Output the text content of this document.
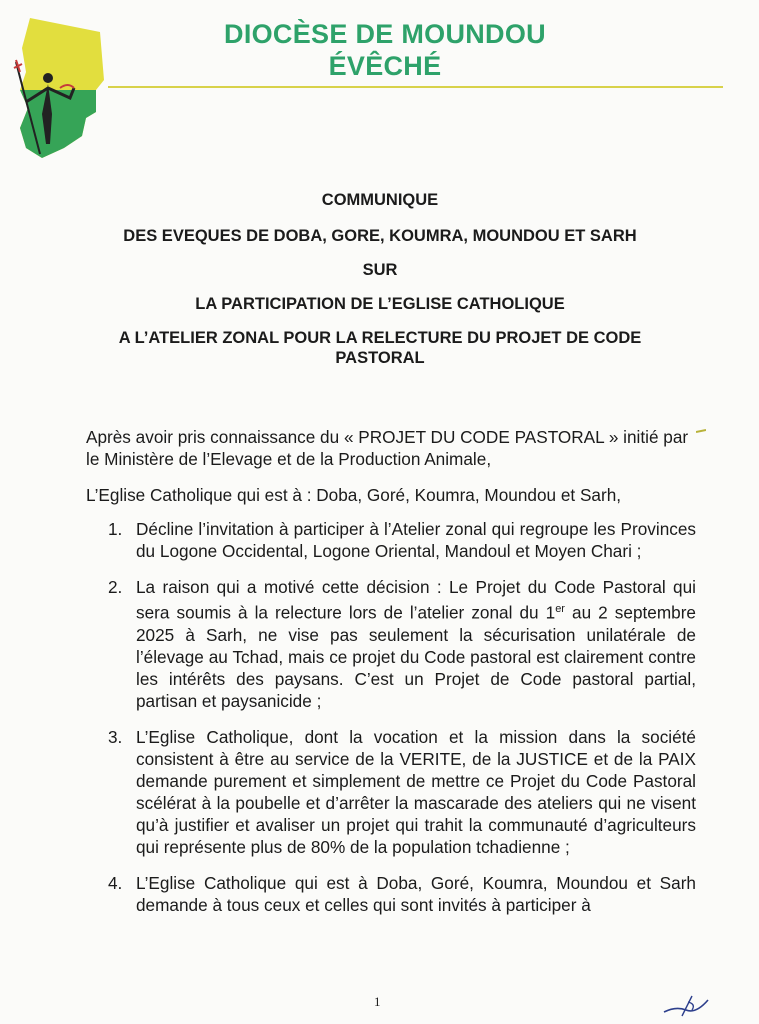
DIOCÈSE DE MOUNDOU
ÉVÊCHÉ
COMMUNIQUE
DES EVEQUES DE DOBA, GORE, KOUMRA, MOUNDOU ET SARH
SUR
LA PARTICIPATION DE L’EGLISE CATHOLIQUE
A L’ATELIER ZONAL POUR LA RELECTURE DU PROJET DE CODE PASTORAL

Après avoir pris connaissance du « PROJET DU CODE PASTORAL » initié par le Ministère de l’Elevage et de la Production Animale,

L’Eglise Catholique qui est à : Doba, Goré, Koumra, Moundou et Sarh,

1. Décline l’invitation à participer à l’Atelier zonal qui regroupe les Provinces du Logone Occidental, Logone Oriental, Mandoul et Moyen Chari ;
2. La raison qui a motivé cette décision : Le Projet du Code Pastoral qui sera soumis à la relecture lors de l’atelier zonal du 1er au 2 septembre 2025 à Sarh, ne vise pas seulement la sécurisation unilatérale de l’élevage au Tchad, mais ce projet du Code pastoral est clairement contre les intérêts des paysans. C’est un Projet de Code pastoral partial, partisan et paysanicide ;
3. L’Eglise Catholique, dont la vocation et la mission dans la société consistent à être au service de la VERITE, de la JUSTICE et de la PAIX demande purement et simplement de mettre ce Projet du Code Pastoral scélérat à la poubelle et d’arrêter la mascarade des ateliers qui ne visent qu’à justifier et avaliser un projet qui trahit la communauté d’agriculteurs qui représente plus de 80% de la population tchadienne ;
4. L’Eglise Catholique qui est à Doba, Goré, Koumra, Moundou et Sarh demande à tous ceux et celles qui sont invités à participer à
1
